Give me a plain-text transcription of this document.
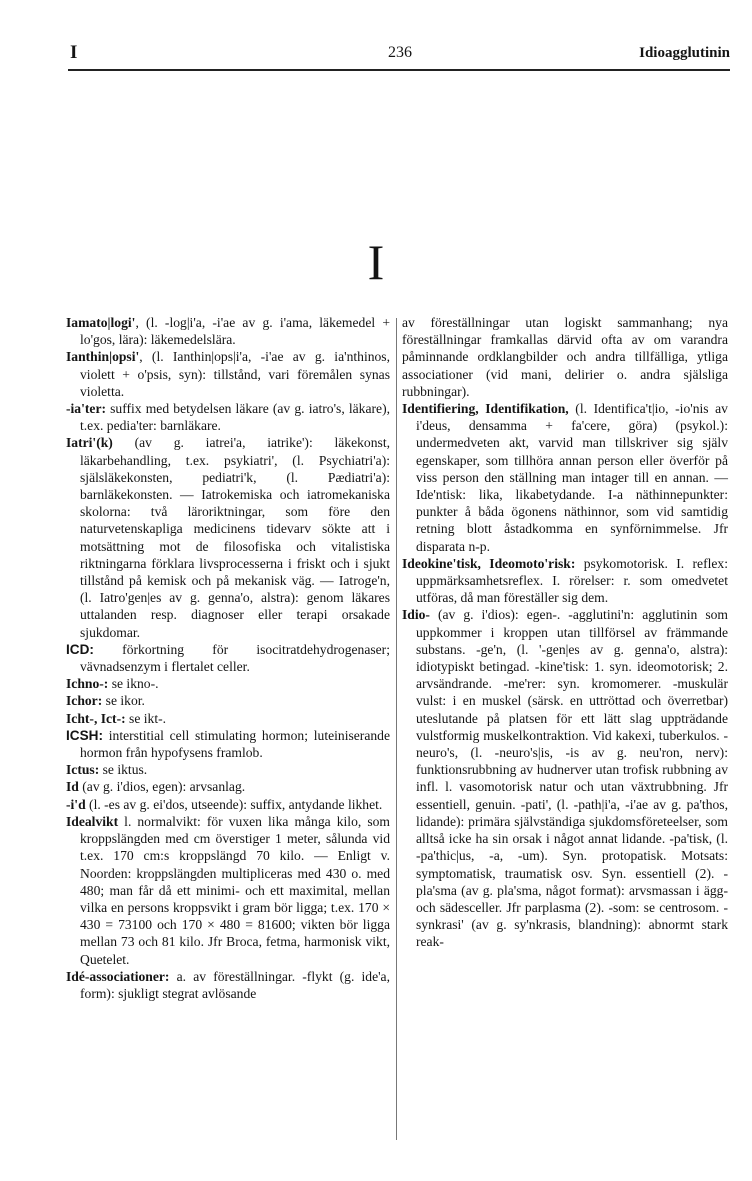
I	236	Idioagglutinin
I

Iamato|logi', (l. -log|i'a, -i'ae av g. i'ama, läkemedel + lo'gos, lära): läkemedelslära.

Ianthin|opsi', (l. Ianthin|ops|i'a, -i'ae av g. ia'nthinos, violett + o'psis, syn): tillstånd, vari föremålen synas violetta.

-ia'ter: suffix med betydelsen läkare (av g. iatro's, läkare), t.ex. pedia'ter: barnläkare.

Iatri'(k) (av g. iatrei'a, iatrike'): läkekonst, läkarbehandling, t.ex. psykiatri', (l. Psychiatri'a): själsläkekonsten, pediatri'k, (l. Pædiatri'a): barnläkekonsten. — Iatrokemiska och iatromekaniska skolorna: två läroriktningar, som före den naturvetenskapliga medicinens tidevarv sökte att i motsättning mot de filosofiska och vitalistiska riktningarna förklara livsprocesserna i friskt och i sjukt tillstånd på kemisk och på mekanisk väg. — Iatroge'n, (l. Iatro'gen|es av g. genna'o, alstra): genom läkares uttalanden resp. diagnoser eller terapi orsakade sjukdomar.

ICD: förkortning för isocitratdehydrogenaser; vävnadsenzym i flertalet celler.

Ichno-: se ikno-.

Ichor: se ikor.

Icht-, Ict-: se ikt-.

ICSH: interstitial cell stimulating hormon; luteiniserande hormon från hypofysens framlob.

Ictus: se iktus.

Id (av g. i'dios, egen): arvsanlag.

-i'd (l. -es av g. ei'dos, utseende): suffix, antydande likhet.

Idealvikt l. normalvikt: för vuxen lika många kilo, som kroppslängden med cm överstiger 1 meter, sålunda vid t.ex. 170 cm:s kroppslängd 70 kilo. — Enligt v. Noorden: kroppslängden multipliceras med 430 o. med 480; man får då ett minimi- och ett maximital, mellan vilka en persons kroppsvikt i gram bör ligga; t.ex. 170 × 430 = 73100 och 170 × 480 = 81600; vikten bör ligga mellan 73 och 81 kilo. Jfr Broca, fetma, harmonisk vikt, Quetelet.

Idé-associationer: a. av föreställningar. -flykt (g. ide'a, form): sjukligt stegrat avlösande

av föreställningar utan logiskt sammanhang; nya föreställningar framkallas därvid ofta av om varandra påminnande ordklangbilder och andra tillfälliga, ytliga associationer (vid mani, delirier o. andra själsliga rubbningar).

Identifiering, Identifikation, (l. Identifica't|io, -io'nis av i'deus, densamma + fa'cere, göra) (psykol.): undermedveten akt, varvid man tillskriver sig själv egenskaper, som tillhöra annan person eller överför på viss person den ställning man intager till en annan. — Ide'ntisk: lika, likabetydande. I-a näthinnepunkter: punkter å båda ögonens näthinnor, som vid samtidig retning blott åstadkomma en synförnimmelse. Jfr disparata n-p.

Ideokine'tisk, Ideomoto'risk: psykomotorisk. I. reflex: uppmärksamhetsreflex. I. rörelser: r. som omedvetet utföras, då man föreställer sig dem.

Idio- (av g. i'dios): egen-. -agglutini'n: agglutinin som uppkommer i kroppen utan tillförsel av främmande substans. -ge'n, (l. '-gen|es av g. genna'o, alstra): idiotypiskt betingad. -kine'tisk: 1. syn. ideomotorisk; 2. arvsändrande. -me'rer: syn. kromomerer. -muskulär vulst: i en muskel (särsk. en uttröttad och överretbar) uteslutande på platsen för ett lätt slag uppträdande vulstformig muskelkontraktion. Vid kakexi, tuberkulos. -neuro's, (l. -neuro's|is, -is av g. neu'ron, nerv): funktionsrubbning av hudnerver utan trofisk rubbning av infl. l. vasomotorisk natur och utan växtrubbning. Jfr essentiell, genuin. -pati', (l. -path|i'a, -i'ae av g. pa'thos, lidande): primära självständiga sjukdomsföreteelser, som alltså icke ha sin orsak i något annat lidande. -pa'tisk, (l. -pa'thic|us, -a, -um). Syn. protopatisk. Motsats: symptomatisk, traumatisk osv. Syn. essentiell (2). -pla'sma (av g. pla'sma, något format): arvsmassan i ägg- och sädesceller. Jfr parplasma (2). -som: se centrosom. -synkrasi' (av g. sy'nkrasis, blandning): abnormt stark reak-
